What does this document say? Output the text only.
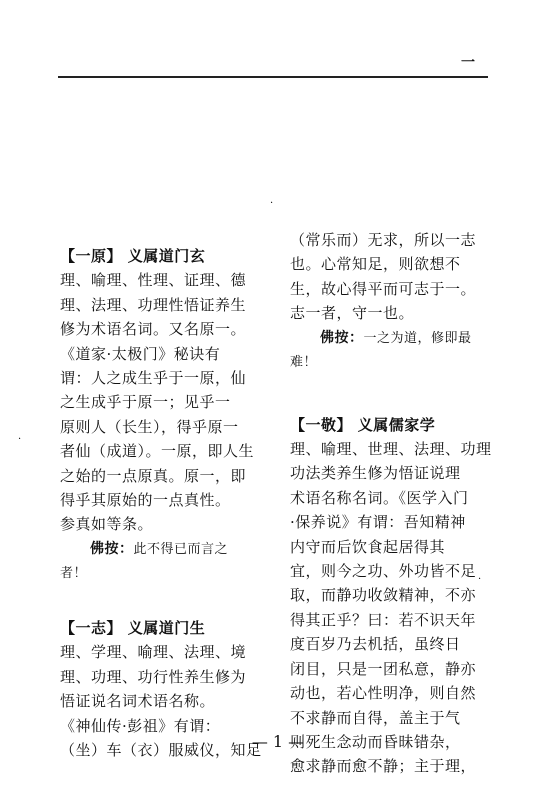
一
·
·
·
【一原】 义属道门玄
理、喻理、性理、证理、德
理、法理、功理性悟证养生
修为术语名词。又名原一。
《道家·太极门》秘诀有
谓：人之成生乎于一原，仙
之生成乎于原一；见乎一
原则人（长生），得乎原一
者仙（成道）。一原，即人生
之始的一点原真。原一，即
得乎其原始的一点真性。
参真如等条。
佛按：此不得已而言之
者！
【一志】 义属道门生
理、学理、喻理、法理、境
理、功理、功行性养生修为
悟证说名词术语名称。
《神仙传·彭祖》有谓：
（坐）车（衣）服威仪，知足
（常乐而）无求，所以一志
也。心常知足，则欲想不
生，故心得平而可志于一。
志一者，守一也。
佛按：一之为道，修即最
难！
【一敬】 义属儒家学
理、喻理、世理、法理、功理
功法类养生修为悟证说理
术语名称名词。《医学入门
·保养说》有谓：吾知精神
内守而后饮食起居得其
宜，则今之功、外功皆不足
取，而静功收敛精神，不亦
得其正乎？曰：若不识天年
度百岁乃去机括，虽终日
闭目，只是一团私意，静亦
动也，若心性明净，则自然
不求静而自得，盖主于气
则死生念动而昏昧错杂，
愈求静而愈不静；主于理，
— 1 —
